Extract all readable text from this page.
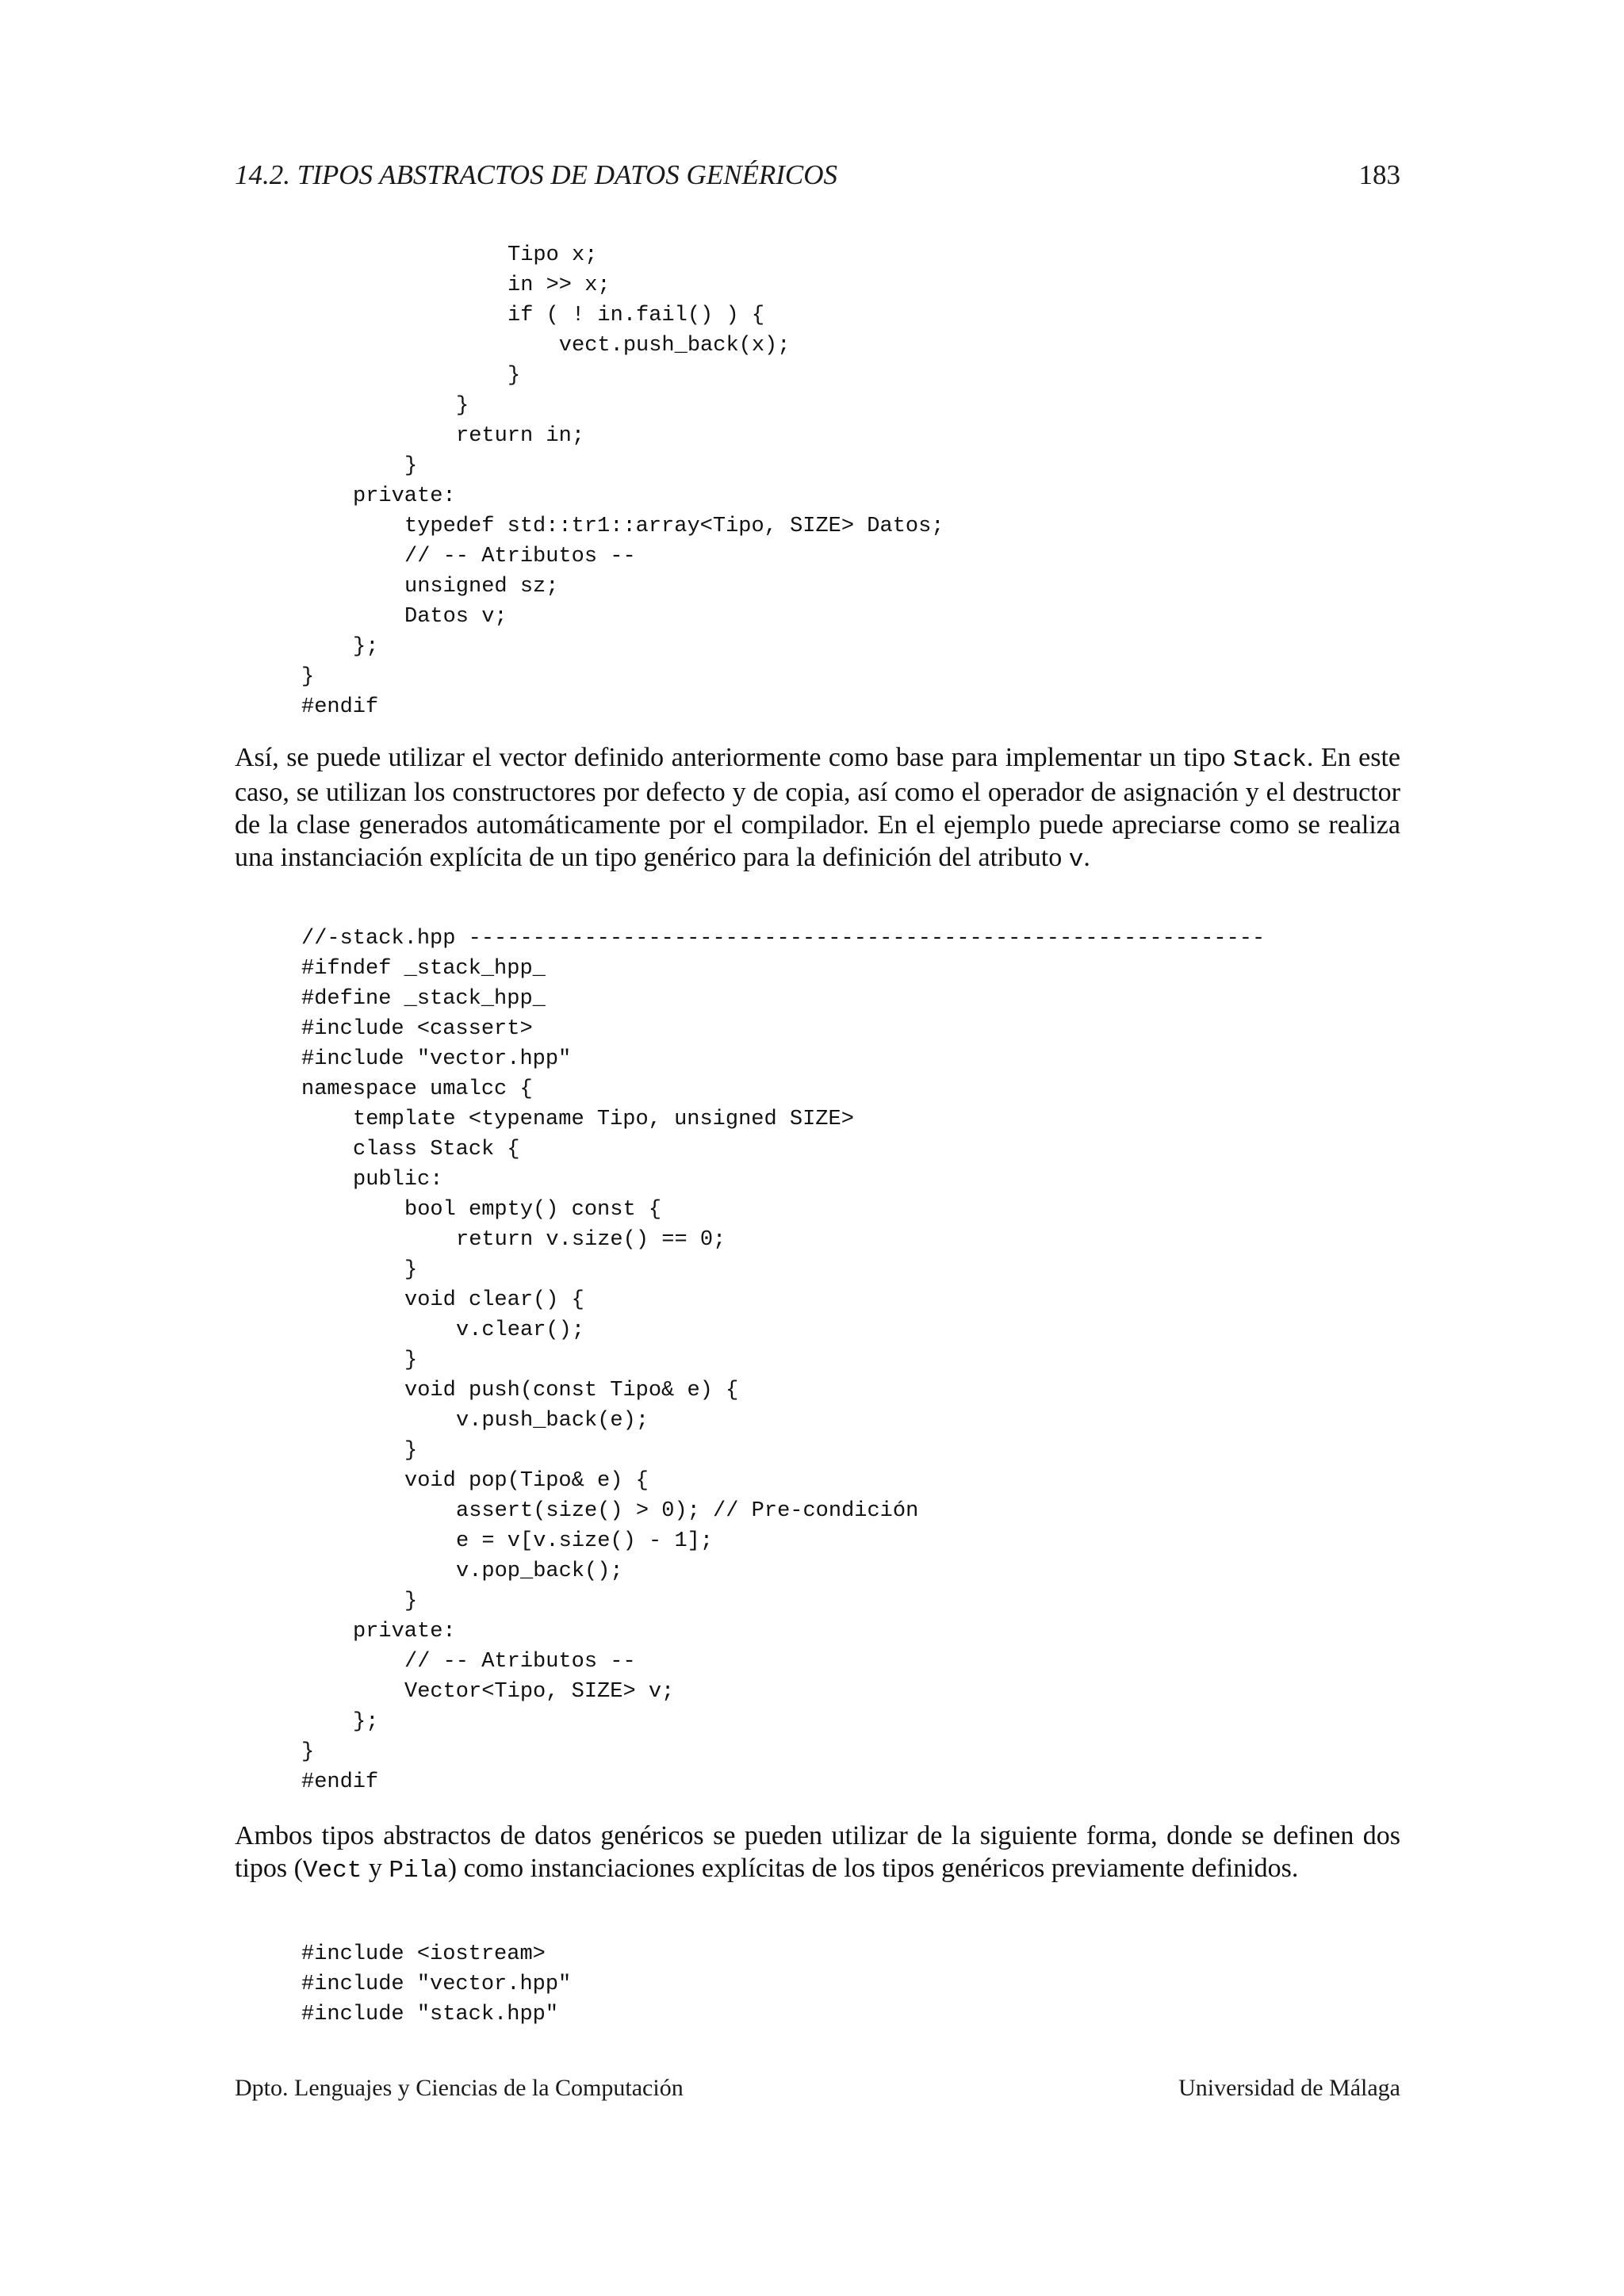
14.2. TIPOS ABSTRACTOS DE DATOS GENÉRICOS	183
Tipo x;
in >> x;
if ( ! in.fail() ) {
vect.push_back(x);
}
}
return in;
}
private:
typedef std::tr1::array<Tipo, SIZE> Datos;
// -- Atributos --
unsigned sz;
Datos v;
};
}
#endif

Así, se puede utilizar el vector definido anteriormente como base para implementar un tipo Stack. En este caso, se utilizan los constructores por defecto y de copia, así como el operador de asignación y el destructor de la clase generados automáticamente por el compilador. En el ejemplo puede apreciarse como se realiza una instanciación explícita de un tipo genérico para la definición del atributo v.

//-stack.hpp --------------------------------------------------------------
#ifndef _stack_hpp_
#define _stack_hpp_
#include <cassert>
#include "vector.hpp"
namespace umalcc {
template <typename Tipo, unsigned SIZE>
class Stack {
public:
bool empty() const {
return v.size() == 0;
}
void clear() {
v.clear();
}
void push(const Tipo& e) {
v.push_back(e);
}
void pop(Tipo& e) {
assert(size() > 0); // Pre-condición
e = v[v.size() - 1];
v.pop_back();
}
private:
// -- Atributos --
Vector<Tipo, SIZE> v;
};
}
#endif

Ambos tipos abstractos de datos genéricos se pueden utilizar de la siguiente forma, donde se definen dos tipos (Vect y Pila) como instanciaciones explícitas de los tipos genéricos previamente definidos.

#include <iostream>
#include "vector.hpp"
#include "stack.hpp"
Dpto. Lenguajes y Ciencias de la Computación	Universidad de Málaga
